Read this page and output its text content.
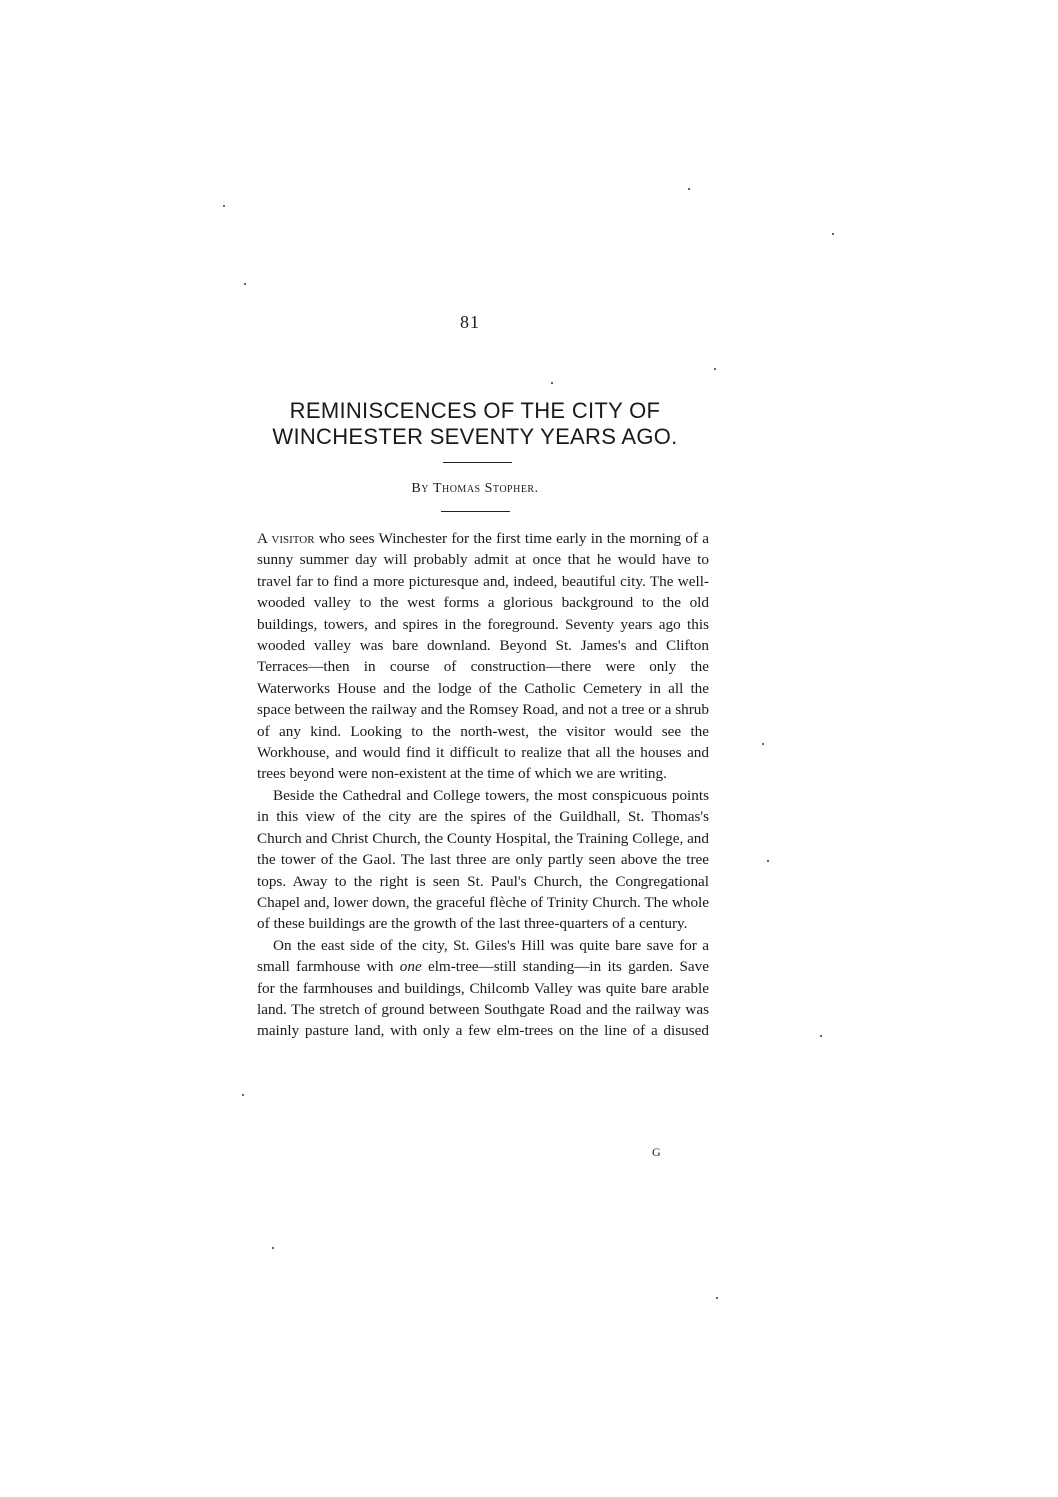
81
REMINISCENCES OF THE CITY OF
WINCHESTER SEVENTY YEARS AGO.
By Thomas Stopher.

A visitor who sees Winchester for the first time early in the morning of a sunny summer day will probably admit at once that he would have to travel far to find a more picturesque and, indeed, beautiful city. The well-wooded valley to the west forms a glorious background to the old buildings, towers, and spires in the foreground. Seventy years ago this wooded valley was bare downland. Beyond St. James's and Clifton Terraces—then in course of construction—there were only the Waterworks House and the lodge of the Catholic Cemetery in all the space between the railway and the Romsey Road, and not a tree or a shrub of any kind. Looking to the north-west, the visitor would see the Workhouse, and would find it difficult to realize that all the houses and trees beyond were non-existent at the time of which we are writing.

Beside the Cathedral and College towers, the most conspicuous points in this view of the city are the spires of the Guildhall, St. Thomas's Church and Christ Church, the County Hospital, the Training College, and the tower of the Gaol. The last three are only partly seen above the tree tops. Away to the right is seen St. Paul's Church, the Congregational Chapel and, lower down, the graceful flèche of Trinity Church. The whole of these buildings are the growth of the last three-quarters of a century.

On the east side of the city, St. Giles's Hill was quite bare save for a small farmhouse with one elm-tree—still standing—in its garden. Save for the farmhouses and buildings, Chilcomb Valley was quite bare arable land. The stretch of ground between Southgate Road and the railway was mainly pasture land, with only a few elm-trees on the line of a disused

G
